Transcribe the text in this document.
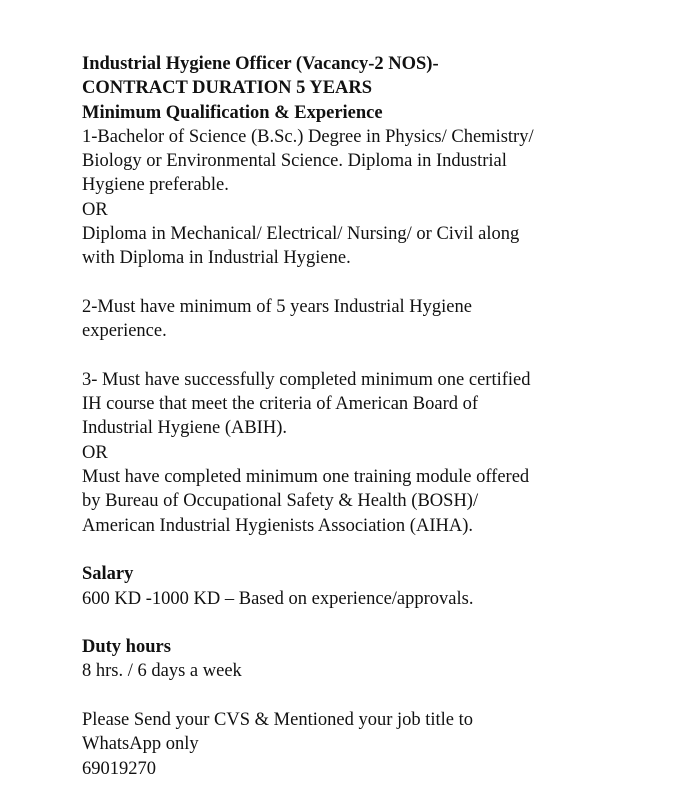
Industrial Hygiene Officer (Vacancy-2 NOS)-
CONTRACT DURATION 5 YEARS
Minimum Qualification & Experience
1-Bachelor of Science (B.Sc.) Degree in Physics/ Chemistry/
Biology or Environmental Science. Diploma in Industrial
Hygiene preferable.
OR
Diploma in Mechanical/ Electrical/ Nursing/ or Civil along
with Diploma in Industrial Hygiene.
2-Must have minimum of 5 years Industrial Hygiene
experience.
3- Must have successfully completed minimum one certified
IH course that meet the criteria of American Board of
Industrial Hygiene (ABIH).
OR
Must have completed minimum one training module offered
by Bureau of Occupational Safety & Health (BOSH)/
American Industrial Hygienists Association (AIHA).
Salary
600 KD -1000 KD – Based on experience/approvals.
Duty hours
8 hrs. / 6 days a week
Please Send your CVS & Mentioned your job title to
WhatsApp only
69019270
